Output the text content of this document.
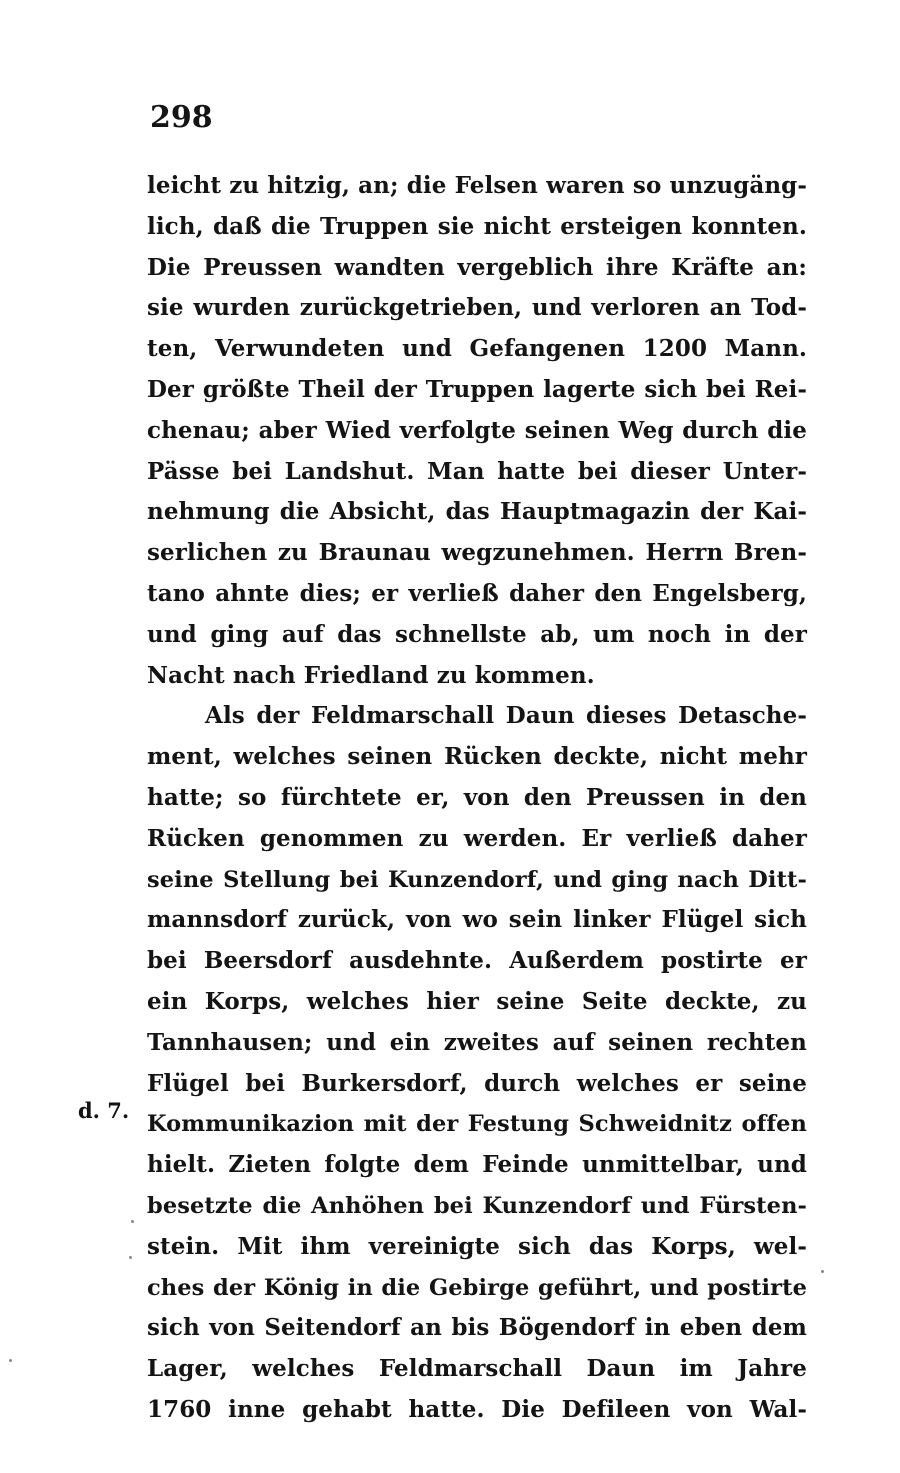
298
d. 7.
leicht zu hitzig, an; die Felsen waren so unzugäng-
lich, daß die Truppen sie nicht ersteigen konnten.
Die Preussen wandten vergeblich ihre Kräfte an:
sie wurden zurückgetrieben, und verloren an Tod-
ten, Verwundeten und Gefangenen 1200 Mann.
Der größte Theil der Truppen lagerte sich bei Rei-
chenau; aber Wied verfolgte seinen Weg durch die
Pässe bei Landshut. Man hatte bei dieser Unter-
nehmung die Absicht, das Hauptmagazin der Kai-
serlichen zu Braunau wegzunehmen. Herrn Bren-
tano ahnte dies; er verließ daher den Engelsberg,
und ging auf das schnellste ab, um noch in der
Nacht nach Friedland zu kommen.
Als der Feldmarschall Daun dieses Detasche-
ment, welches seinen Rücken deckte, nicht mehr
hatte; so fürchtete er, von den Preussen in den
Rücken genommen zu werden. Er verließ daher
seine Stellung bei Kunzendorf, und ging nach Ditt-
mannsdorf zurück, von wo sein linker Flügel sich
bei Beersdorf ausdehnte. Außerdem postirte er
ein Korps, welches hier seine Seite deckte, zu
Tannhausen; und ein zweites auf seinen rechten
Flügel bei Burkersdorf, durch welches er seine
Kommunikazion mit der Festung Schweidnitz offen
hielt. Zieten folgte dem Feinde unmittelbar, und
besetzte die Anhöhen bei Kunzendorf und Fürsten-
stein. Mit ihm vereinigte sich das Korps, wel-
ches der König in die Gebirge geführt, und postirte
sich von Seitendorf an bis Bögendorf in eben dem
Lager, welches Feldmarschall Daun im Jahre
1760 inne gehabt hatte. Die Defileen von Wal-
